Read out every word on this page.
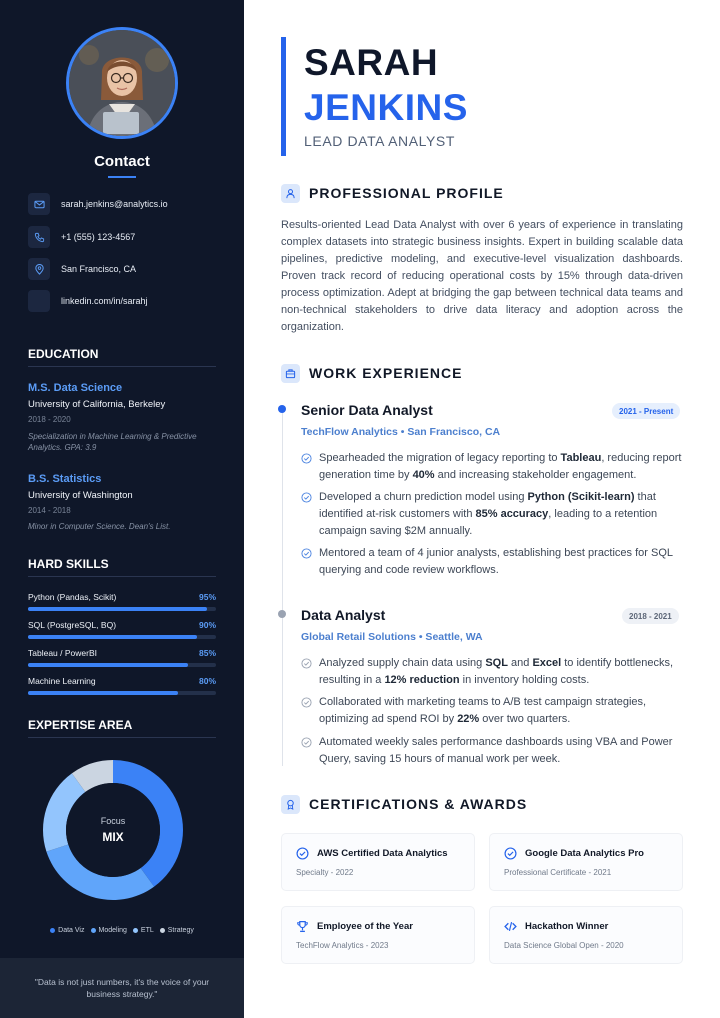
Contact
sarah.jenkins@analytics.io
+1 (555) 123-4567
San Francisco, CA
linkedin.com/in/sarahj
EDUCATION
M.S. Data Science
University of California, Berkeley
2018 - 2020
Specialization in Machine Learning & Predictive Analytics. GPA: 3.9
B.S. Statistics
University of Washington
2014 - 2018
Minor in Computer Science. Dean's List.
HARD SKILLS
Python (Pandas, Scikit)	95%
SQL (PostgreSQL, BQ)	90%
Tableau / PowerBI	85%
Machine Learning	80%
EXPERTISE AREA
Focus
MIX
Data Viz Modeling ETL Strategy
"Data is not just numbers, it's the voice of your business strategy."
SARAH
JENKINS
LEAD DATA ANALYST
PROFESSIONAL PROFILE
Results-oriented Lead Data Analyst with over 6 years of experience in translating complex datasets into strategic business insights. Expert in building scalable data pipelines, predictive modeling, and executive-level visualization dashboards. Proven track record of reducing operational costs by 15% through data-driven process optimization. Adept at bridging the gap between technical data teams and non-technical stakeholders to drive data literacy and adoption across the organization.
WORK EXPERIENCE
Senior Data Analyst	2021 - Present
TechFlow Analytics • San Francisco, CA
Spearheaded the migration of legacy reporting to Tableau, reducing report generation time by 40% and increasing stakeholder engagement.
Developed a churn prediction model using Python (Scikit-learn) that identified at-risk customers with 85% accuracy, leading to a retention campaign saving $2M annually.
Mentored a team of 4 junior analysts, establishing best practices for SQL querying and code review workflows.
Data Analyst	2018 - 2021
Global Retail Solutions • Seattle, WA
Analyzed supply chain data using SQL and Excel to identify bottlenecks, resulting in a 12% reduction in inventory holding costs.
Collaborated with marketing teams to A/B test campaign strategies, optimizing ad spend ROI by 22% over two quarters.
Automated weekly sales performance dashboards using VBA and Power Query, saving 15 hours of manual work per week.
CERTIFICATIONS & AWARDS
AWS Certified Data Analytics
Specialty - 2022
Google Data Analytics Pro
Professional Certificate - 2021
Employee of the Year
TechFlow Analytics - 2023
Hackathon Winner
Data Science Global Open - 2020
